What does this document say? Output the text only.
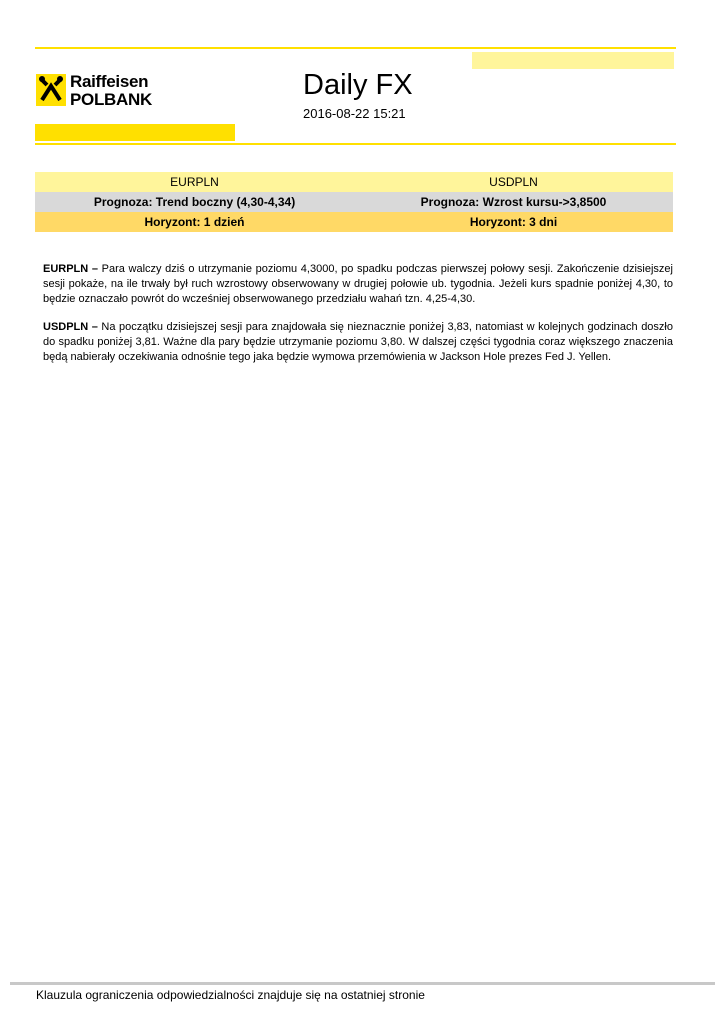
Raiffeisen
POLBANK	Daily FX
2016-08-22 15:21
EURPLN	USDPLN
Prognoza: Trend boczny (4,30-4,34)	Prognoza: Wzrost kursu->3,8500
Horyzont: 1 dzień	Horyzont: 3 dni
EURPLN – Para walczy dziś o utrzymanie poziomu 4,3000, po spadku podczas pierwszej połowy sesji. Zakończenie dzisiejszej sesji pokaże, na ile trwały był ruch wzrostowy obserwowany w drugiej połowie ub. tygodnia. Jeżeli kurs spadnie poniżej 4,30, to będzie oznaczało powrót do wcześniej obserwowanego przedziału wahań tzn. 4,25-4,30.
USDPLN – Na początku dzisiejszej sesji para znajdowała się nieznacznie poniżej 3,83, natomiast w kolejnych godzinach doszło do spadku poniżej 3,81. Ważne dla pary będzie utrzymanie poziomu 3,80. W dalszej części tygodnia coraz większego znaczenia będą nabierały oczekiwania odnośnie tego jaka będzie wymowa przemówienia w Jackson Hole prezes Fed J. Yellen.
Klauzula ograniczenia odpowiedzialności znajduje się na ostatniej stronie
